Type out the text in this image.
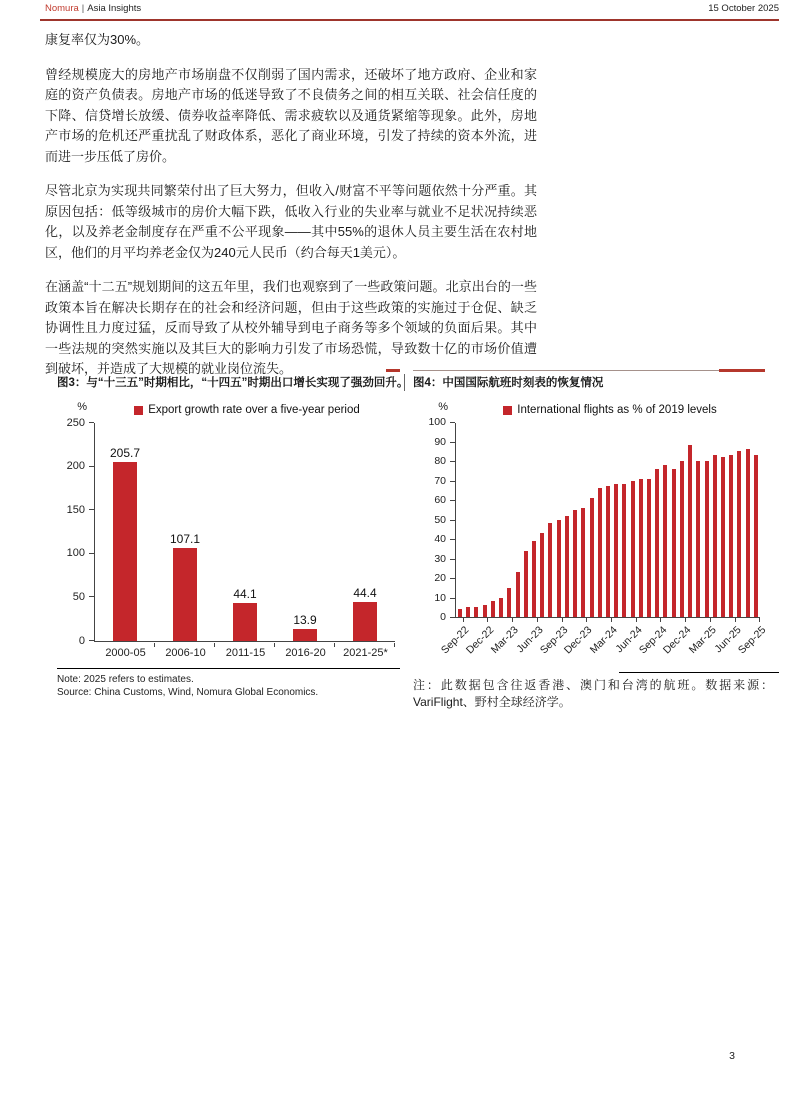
Nomura | Asia Insights	15 October 2025

康复率仅为30%。

曾经规模庞大的房地产市场崩盘不仅削弱了国内需求，还破坏了地方政府、企业和家庭的资产负债表。房地产市场的低迷导致了不良债务之间的相互关联、社会信任度的下降、信贷增长放缓、债券收益率降低、需求疲软以及通货紧缩等现象。此外，房地产市场的危机还严重扰乱了财政体系，恶化了商业环境，引发了持续的资本外流，进而进一步压低了房价。

尽管北京为实现共同繁荣付出了巨大努力，但收入/财富不平等问题依然十分严重。其原因包括：低等级城市的房价大幅下跌，低收入行业的失业率与就业不足状况持续恶化，以及养老金制度存在严重不公平现象——其中55%的退休人员主要生活在农村地区，他们的月平均养老金仅为240元人民币（约合每天1美元）。

在涵盖“十二五”规划期间的这五年里，我们也观察到了一些政策问题。北京出台的一些政策本旨在解决长期存在的社会和经济问题，但由于这些政策的实施过于仓促、缺乏协调性且力度过猛，反而导致了从校外辅导到电子商务等多个领域的负面后果。其中一些法规的突然实施以及其巨大的影响力引发了市场恐慌，导致数十亿的市场价值遭到破坏，并造成了大规模的就业岗位流失。

图3：与“十三五”时期相比，“十四五”时期出口增长实现了强劲回升。
%	Export growth rate over a five-year period
0
50
100
150
200
250
205.7
107.1
44.1
13.9
44.4
2000-05	2006-10	2011-15	2016-20	2021-25*
Note: 2025 refers to estimates.
Source: China Customs, Wind, Nomura Global Economics.
图4：中国国际航班时刻表的恢复情况
%	International flights as % of 2019 levels
0
10
20
30
40
50
60
70
80
90
100
Sep-22
Dec-22
Mar-23
Jun-23
Sep-23
Dec-23
Mar-24
Jun-24
Sep-24
Dec-24
Mar-25
Jun-25
Sep-25
注：此数据包含往返香港、澳门和台湾的航班。数据来源：VariFlight、野村全球经济学。
3
